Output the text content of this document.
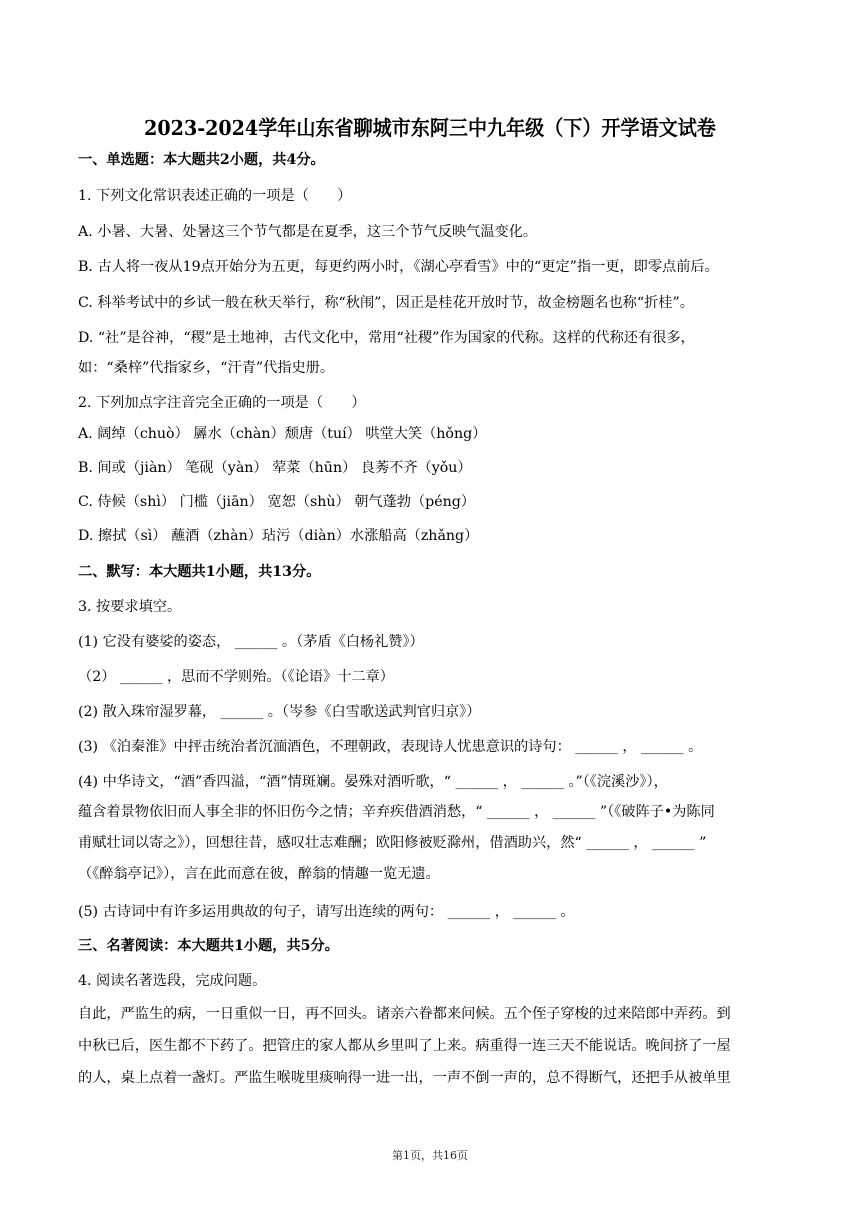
2023-2024学年山东省聊城市东阿三中九年级（下）开学语文试卷
一、单选题：本大题共2小题，共4分。
1. 下列文化常识表述正确的一项是（　　）
A. 小暑、大暑、处暑这三个节气都是在夏季，这三个节气反映气温变化。
B. 古人将一夜从19点开始分为五更，每更约两小时，《湖心亭看雪》中的“更定”指一更，即零点前后。
C. 科举考试中的乡试一般在秋天举行，称“秋闱”，因正是桂花开放时节，故金榜题名也称“折桂”。
D. “社”是谷神，“稷”是土地神，古代文化中，常用“社稷”作为国家的代称。这样的代称还有很多，
如：“桑梓”代指家乡，“汗青”代指史册。
2. 下列加点字注音完全正确的一项是（　　）
A. 阔绰（chuò） 羼水（chàn）颓唐（tuí） 哄堂大笑（hǒng）
B. 间或（jiàn） 笔砚（yàn） 荤菜（hūn） 良莠不齐（yǒu）
C. 侍候（shì） 门槛（jiān） 宽恕（shù） 朝气蓬勃（péng）
D. 擦拭（sì） 蘸酒（zhàn）玷污（diàn）水涨船高（zhǎng）
二、默写：本大题共1小题，共13分。
3. 按要求填空。
(1) 它没有婆娑的姿态， ______ 。（茅盾《白杨礼赞》）
（2） ______ ，思而不学则殆。（《论语》十二章）
(2) 散入珠帘湿罗幕， ______ 。（岑参《白雪歌送武判官归京》）
(3) 《泊秦淮》中抨击统治者沉湎酒色，不理朝政，表现诗人忧患意识的诗句： ______ ， ______ 。
(4) 中华诗文，“酒”香四溢，“酒”情斑斓。晏殊对酒听歌，“ ______ ， ______ 。”（《浣溪沙》），
蕴含着景物依旧而人事全非的怀旧伤今之情；辛弃疾借酒消愁，“ ______ ， ______ ”（《破阵子•为陈同
甫赋壮词以寄之》），回想往昔，感叹壮志难酬；欧阳修被贬滁州，借酒助兴，然“ ______ ， ______ ”
（《醉翁亭记》），言在此而意在彼，醉翁的情趣一览无遗。
(5) 古诗词中有许多运用典故的句子，请写出连续的两句： ______ ， ______ 。
三、名著阅读：本大题共1小题，共5分。
4. 阅读名著选段，完成问题。
自此，严监生的病，一日重似一日，再不回头。诸亲六眷都来问候。五个侄子穿梭的过来陪郎中弄药。到
中秋已后，医生都不下药了。把管庄的家人都从乡里叫了上来。病重得一连三天不能说话。晚间挤了一屋
的人，桌上点着一盏灯。严监生喉咙里痰响得一进一出，一声不倒一声的，总不得断气，还把手从被单里
第1页，共16页
